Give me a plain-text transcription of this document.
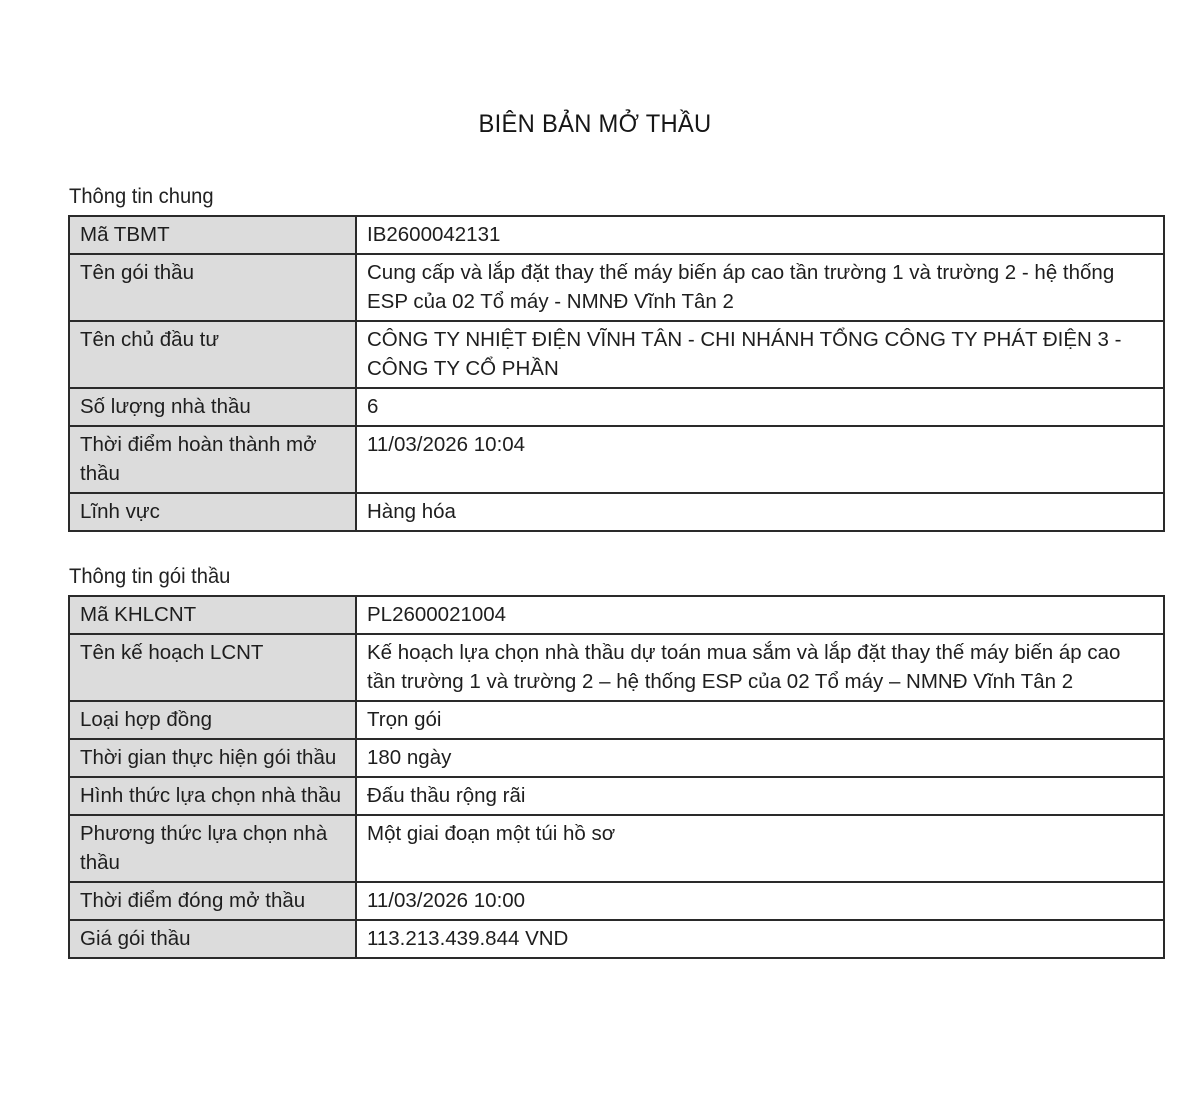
BIÊN BẢN MỞ THẦU
Thông tin chung
Mã TBMT	IB2600042131
Tên gói thầu	Cung cấp và lắp đặt thay thế máy biến áp cao tần trường 1 và trường 2 - hệ thống ESP của 02 Tổ máy - NMNĐ Vĩnh Tân 2
Tên chủ đầu tư	CÔNG TY NHIỆT ĐIỆN VĨNH TÂN - CHI NHÁNH TỔNG CÔNG TY PHÁT ĐIỆN 3 - CÔNG TY CỔ PHẦN
Số lượng nhà thầu	6
Thời điểm hoàn thành mở thầu	11/03/2026 10:04
Lĩnh vực	Hàng hóa
Thông tin gói thầu
Mã KHLCNT	PL2600021004
Tên kế hoạch LCNT	Kế hoạch lựa chọn nhà thầu dự toán mua sắm và lắp đặt thay thế máy biến áp cao tần trường 1 và trường 2 – hệ thống ESP của 02 Tổ máy – NMNĐ Vĩnh Tân 2
Loại hợp đồng	Trọn gói
Thời gian thực hiện gói thầu	180 ngày
Hình thức lựa chọn nhà thầu	Đấu thầu rộng rãi
Phương thức lựa chọn nhà thầu	Một giai đoạn một túi hồ sơ
Thời điểm đóng mở thầu	11/03/2026 10:00
Giá gói thầu	113.213.439.844 VND
